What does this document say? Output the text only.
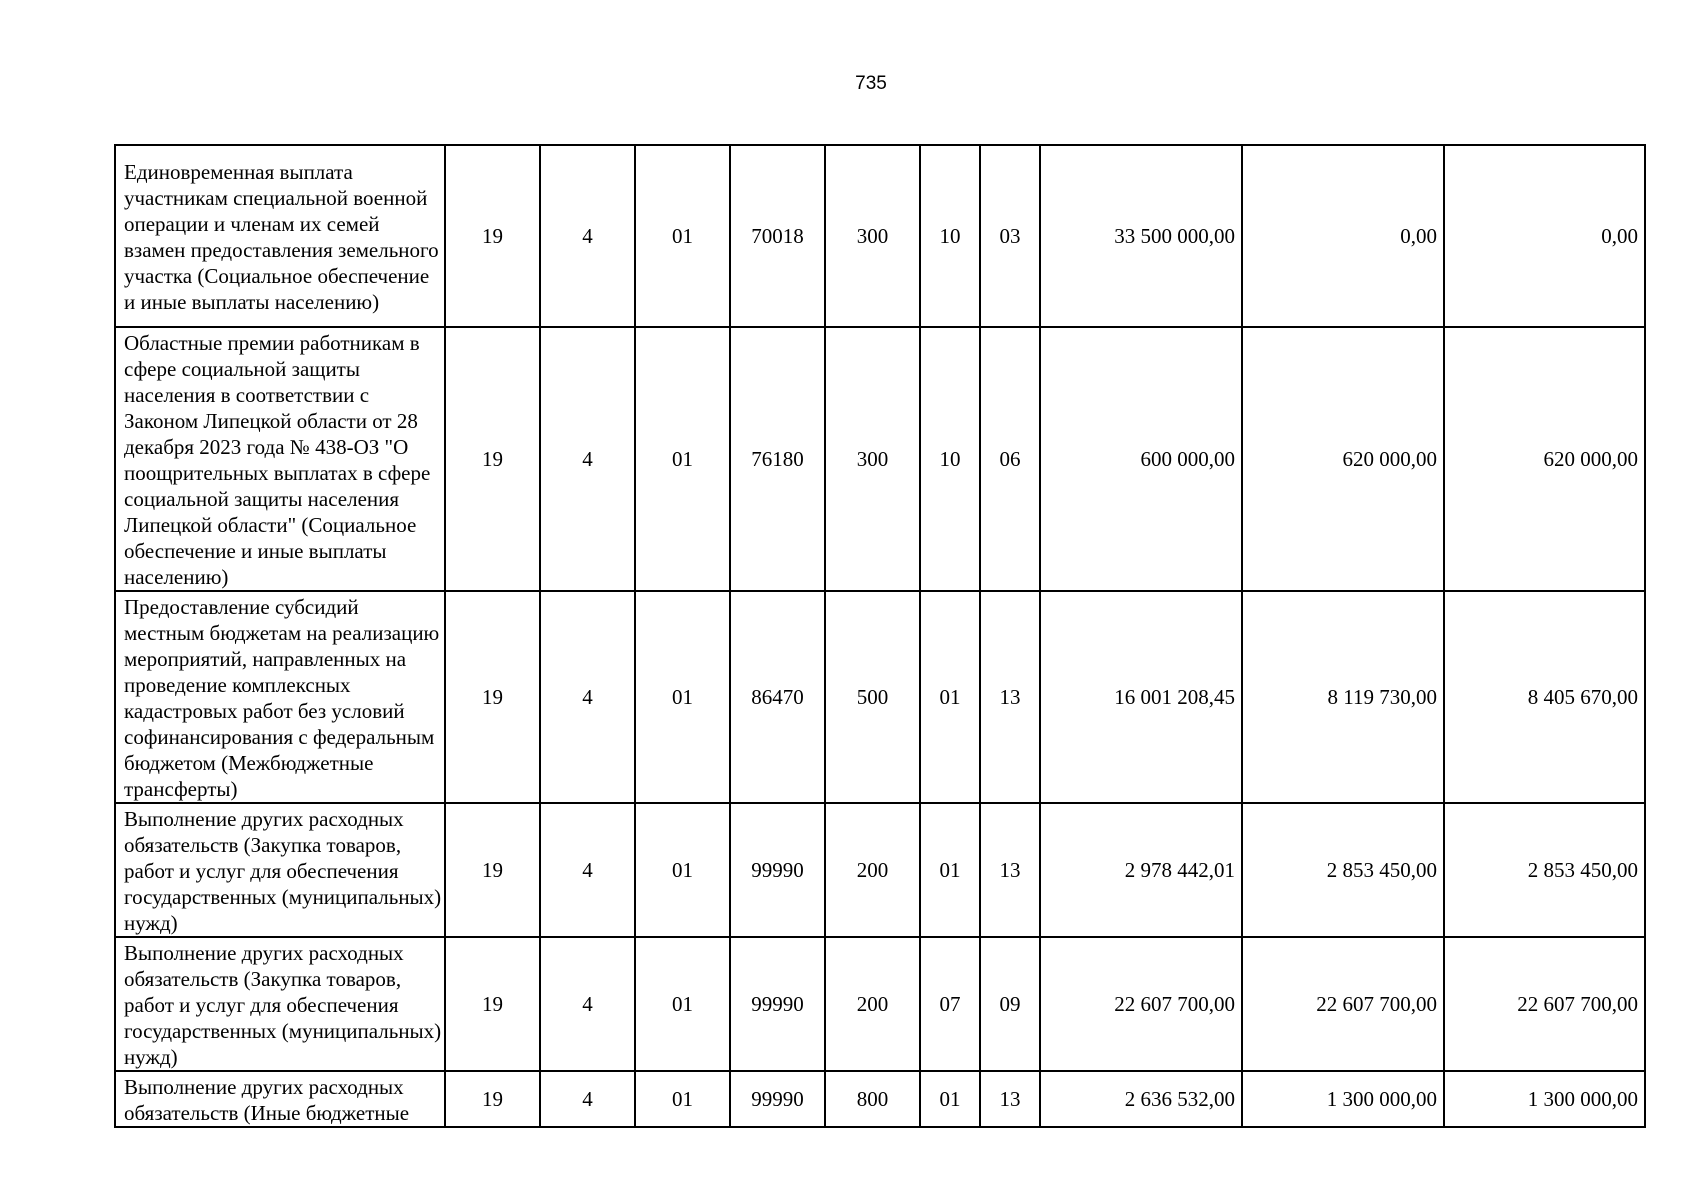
735
Единовременная выплата участникам специальной военной операции и членам их семей взамен предоставления земельного участка (Социальное обеспечение и иные выплаты населению)	19	4	01	70018	300	10	03	33 500 000,00	0,00	0,00
Областные премии работникам в сфере социальной защиты населения в соответствии с Законом Липецкой области от 28 декабря 2023 года № 438-ОЗ "О поощрительных выплатах в сфере социальной защиты населения Липецкой области" (Социальное обеспечение и иные выплаты населению)	19	4	01	76180	300	10	06	600 000,00	620 000,00	620 000,00
Предоставление субсидий местным бюджетам на реализацию мероприятий, направленных на проведение комплексных кадастровых работ без условий софинансирования с федеральным бюджетом (Межбюджетные трансферты)	19	4	01	86470	500	01	13	16 001 208,45	8 119 730,00	8 405 670,00
Выполнение других расходных обязательств (Закупка товаров, работ и услуг для обеспечения государственных (муниципальных) нужд)	19	4	01	99990	200	01	13	2 978 442,01	2 853 450,00	2 853 450,00
Выполнение других расходных обязательств (Закупка товаров, работ и услуг для обеспечения государственных (муниципальных) нужд)	19	4	01	99990	200	07	09	22 607 700,00	22 607 700,00	22 607 700,00
Выполнение других расходных обязательств (Иные бюджетные	19	4	01	99990	800	01	13	2 636 532,00	1 300 000,00	1 300 000,00
